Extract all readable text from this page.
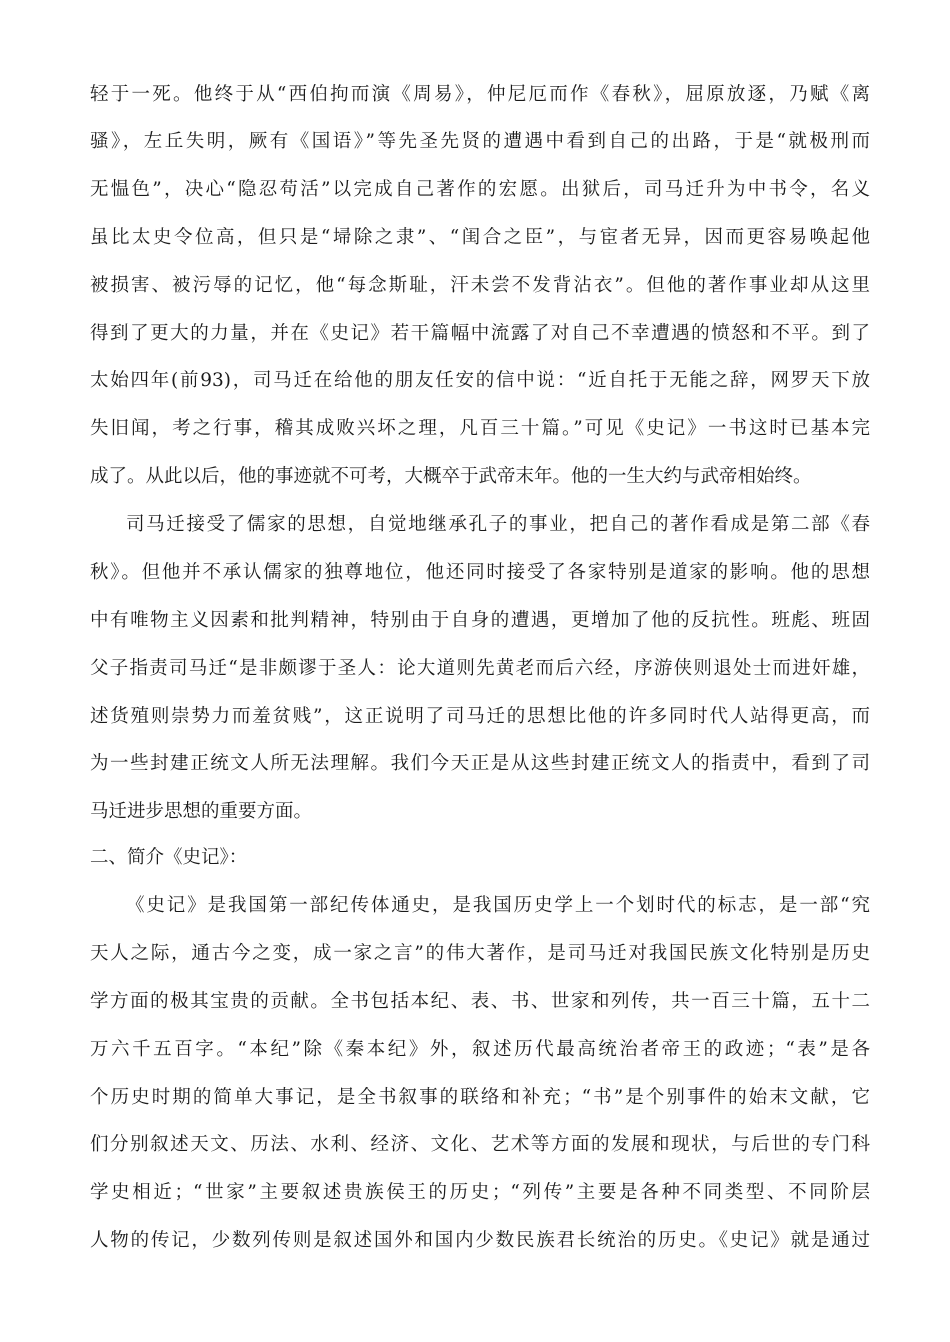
轻于一死。他终于从“西伯拘而演《周易》，仲尼厄而作《春秋》，屈原放逐，乃赋《离
骚》，左丘失明，厥有《国语》”等先圣先贤的遭遇中看到自己的出路，于是“就极刑而
无愠色”，决心“隐忍苟活”以完成自己著作的宏愿。出狱后，司马迁升为中书令，名义
虽比太史令位高，但只是“埽除之隶”、“闺合之臣”，与宦者无异，因而更容易唤起他
被损害、被污辱的记忆，他“每念斯耻，汗未尝不发背沾衣”。但他的著作事业却从这里
得到了更大的力量，并在《史记》若干篇幅中流露了对自己不幸遭遇的愤怒和不平。到了
太始四年(前93)，司马迁在给他的朋友任安的信中说：“近自托于无能之辞，网罗天下放
失旧闻，考之行事，稽其成败兴坏之理，凡百三十篇。”可见《史记》一书这时已基本完
成了。从此以后，他的事迹就不可考，大概卒于武帝末年。他的一生大约与武帝相始终。
司马迁接受了儒家的思想，自觉地继承孔子的事业，把自己的著作看成是第二部《春
秋》。但他并不承认儒家的独尊地位，他还同时接受了各家特别是道家的影响。他的思想
中有唯物主义因素和批判精神，特别由于自身的遭遇，更增加了他的反抗性。班彪、班固
父子指责司马迁“是非颇谬于圣人：论大道则先黄老而后六经，序游侠则退处士而进奸雄，
述货殖则崇势力而羞贫贱”，这正说明了司马迁的思想比他的许多同时代人站得更高，而
为一些封建正统文人所无法理解。我们今天正是从这些封建正统文人的指责中，看到了司
马迁进步思想的重要方面。
二、简介《史记》：
《史记》是我国第一部纪传体通史，是我国历史学上一个划时代的标志，是一部“究
天人之际，通古今之变，成一家之言”的伟大著作，是司马迁对我国民族文化特别是历史
学方面的极其宝贵的贡献。全书包括本纪、表、书、世家和列传，共一百三十篇，五十二
万六千五百字。“本纪”除《秦本纪》外，叙述历代最高统治者帝王的政迹；“表”是各
个历史时期的简单大事记，是全书叙事的联络和补充；“书”是个别事件的始末文献，它
们分别叙述天文、历法、水利、经济、文化、艺术等方面的发展和现状，与后世的专门科
学史相近；“世家”主要叙述贵族侯王的历史；“列传”主要是各种不同类型、不同阶层
人物的传记，少数列传则是叙述国外和国内少数民族君长统治的历史。《史记》就是通过
